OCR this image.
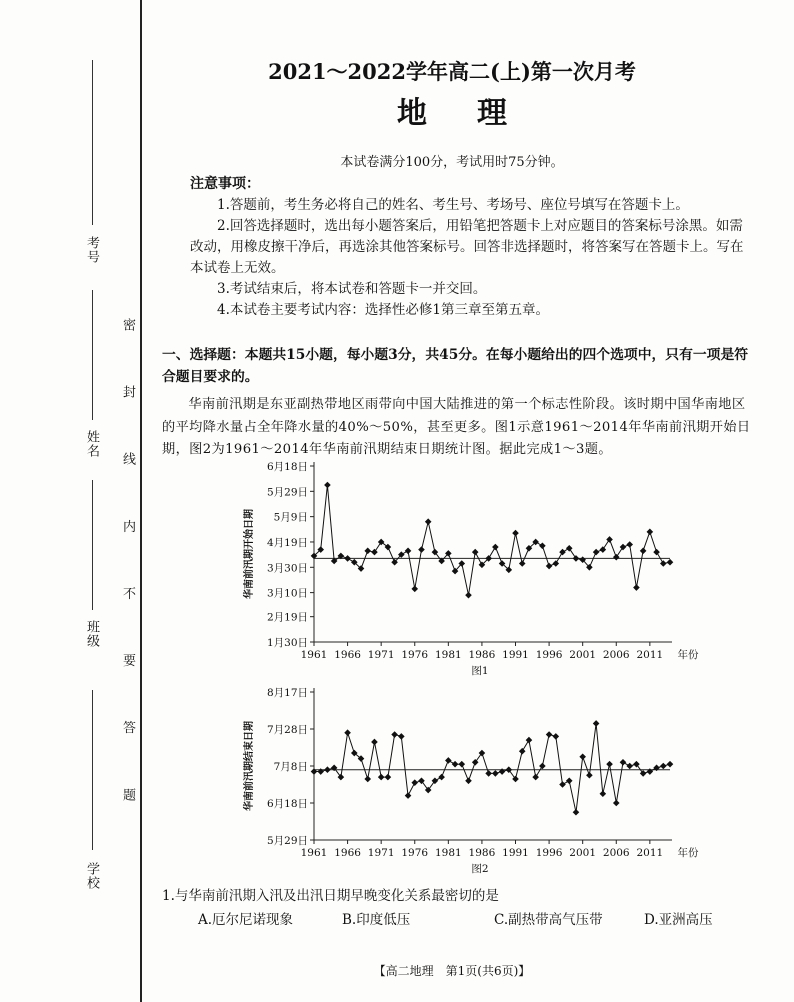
考号
姓名
班级
学校
密 封 线 内 不 要 答 题
2021～2022学年高二(上)第一次月考
地理
本试卷满分100分，考试用时75分钟。
注意事项：

1.答题前，考生务必将自己的姓名、考生号、考场号、座位号填写在答题卡上。

2.回答选择题时，选出每小题答案后，用铅笔把答题卡上对应题目的答案标号涂黑。如需改动，用橡皮擦干净后，再选涂其他答案标号。回答非选择题时，将答案写在答题卡上。写在本试卷上无效。

3.考试结束后，将本试卷和答题卡一并交回。

4.本试卷主要考试内容：选择性必修1第三章至第五章。

一、选择题：本题共15小题，每小题3分，共45分。在每小题给出的四个选项中，只有一项是符合题目要求的。
华南前汛期是东亚副热带地区雨带向中国大陆推进的第一个标志性阶段。该时期中国华南地区的平均降水量占全年降水量的40%～50%，甚至更多。图1示意1961～2014年华南前汛期开始日期，图2为1961～2014年华南前汛期结束日期统计图。据此完成1～3题。
1月30日
2月19日
3月10日
3月30日
4月19日
5月9日
5月29日
6月18日
1961 1966 1971 1976 1981 1986 1991 1996 2001 2006 2011 年份
华南前汛期开始日期
图1
5月29日
6月18日
7月8日
7月28日
8月17日
1961 1966 1971 1976 1981 1986 1991 1996 2001 2006 2011 年份
华南前汛期结束日期
图2
1.与华南前汛期入汛及出汛日期早晚变化关系最密切的是
A.厄尔尼诺现象	B.印度低压	C.副热带高气压带	D.亚洲高压
【高二地理　第1页(共6页)】
